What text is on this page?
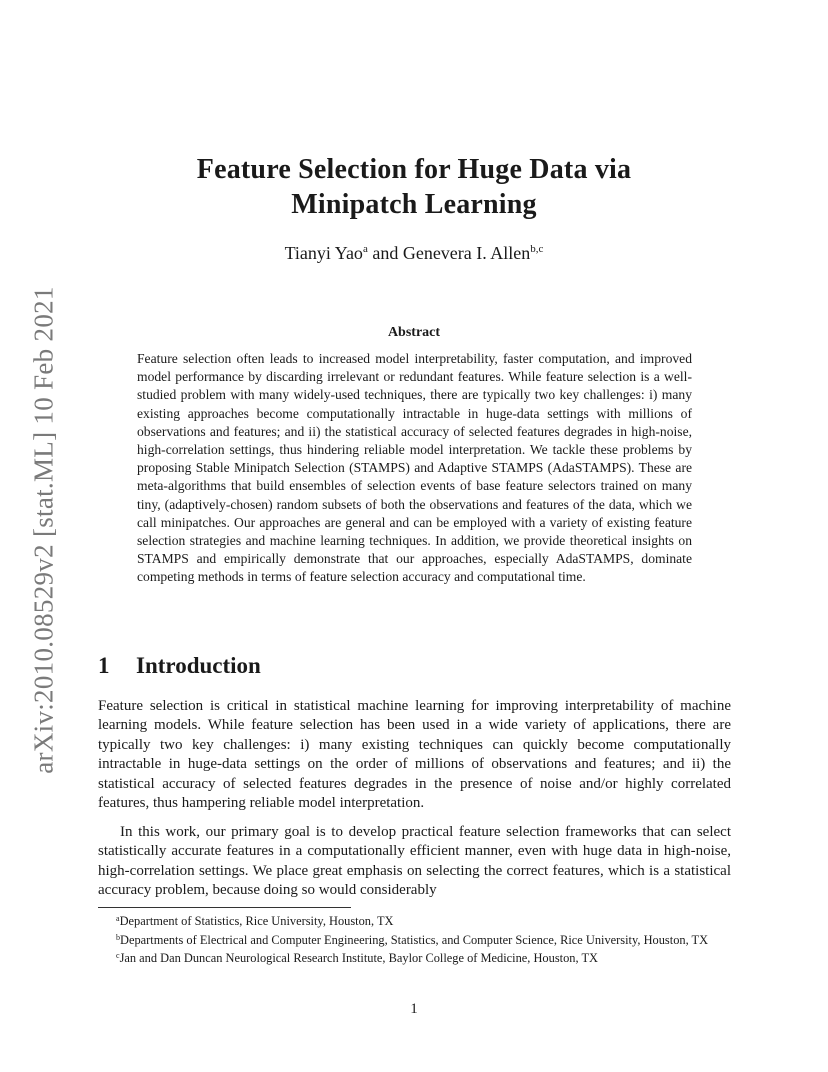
arXiv:2010.08529v2 [stat.ML] 10 Feb 2021
Feature Selection for Huge Data via
Minipatch Learning
Tianyi Yao$^a$ and Genevera I. Allen$^{b,c}$
Abstract
Feature selection often leads to increased model interpretability, faster computation, and improved model performance by discarding irrelevant or redundant features. While feature selection is a well-studied problem with many widely-used techniques, there are typically two key challenges: i) many existing approaches become computationally intractable in huge-data settings with millions of observations and features; and ii) the statistical accuracy of selected features degrades in high-noise, high-correlation settings, thus hindering reliable model interpretation. We tackle these problems by proposing Stable Minipatch Selection (STAMPS) and Adaptive STAMPS (AdaSTAMPS). These are meta-algorithms that build ensembles of selection events of base feature selectors trained on many tiny, (adaptively-chosen) random subsets of both the observations and features of the data, which we call minipatches. Our approaches are general and can be employed with a variety of existing feature selection strategies and machine learning techniques. In addition, we provide theoretical insights on STAMPS and empirically demonstrate that our approaches, especially AdaSTAMPS, dominate competing methods in terms of feature selection accuracy and computational time.
1 Introduction
Feature selection is critical in statistical machine learning for improving interpretability of machine learning models. While feature selection has been used in a wide variety of applications, there are typically two key challenges: i) many existing techniques can quickly become computationally intractable in huge-data settings on the order of millions of observations and features; and ii) the statistical accuracy of selected features degrades in the presence of noise and/or highly correlated features, thus hampering reliable model interpretation.
In this work, our primary goal is to develop practical feature selection frameworks that can select statistically accurate features in a computationally efficient manner, even with huge data in high-noise, high-correlation settings. We place great emphasis on selecting the correct features, which is a statistical accuracy problem, because doing so would considerably
$^a$Department of Statistics, Rice University, Houston, TX
$^b$Departments of Electrical and Computer Engineering, Statistics, and Computer Science, Rice University, Houston, TX
$^c$Jan and Dan Duncan Neurological Research Institute, Baylor College of Medicine, Houston, TX
1
